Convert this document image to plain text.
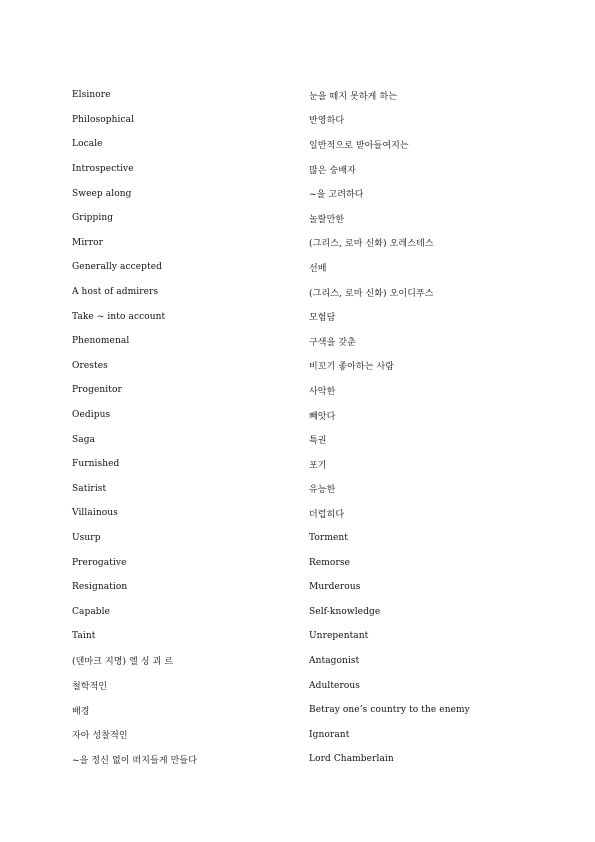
Elsinore	눈을 떼지 못하게 하는
Philosophical	반영하다
Locale	일반적으로 받아들여지는
Introspective	많은 숭배자
Sweep along	~을 고려하다
Gripping	놀랄만한
Mirror	(그리스, 로마 신화) 오레스테스
Generally accepted	선배
A host of admirers	(그리스, 로마 신화) 오이디푸스
Take ~ into account	모험담
Phenomenal	구색을 갖춘
Orestes	비꼬기 좋아하는 사람
Progenitor	사악한
Oedipus	빼앗다
Saga	특권
Furnished	포기
Satirist	유능한
Villainous	더럽히다
Usurp	Torment
Prerogative	Remorse
Resignation	Murderous
Capable	Self-knowledge
Taint	Unrepentant
(덴마크 지명) 엘 싱 괴 르	Antagonist
철학적인	Adulterous
배경	Betray one’s country to the enemy
자아 성찰적인	Ignorant
~을 정신 없이 떠지들게 만들다	Lord Chamberlain
